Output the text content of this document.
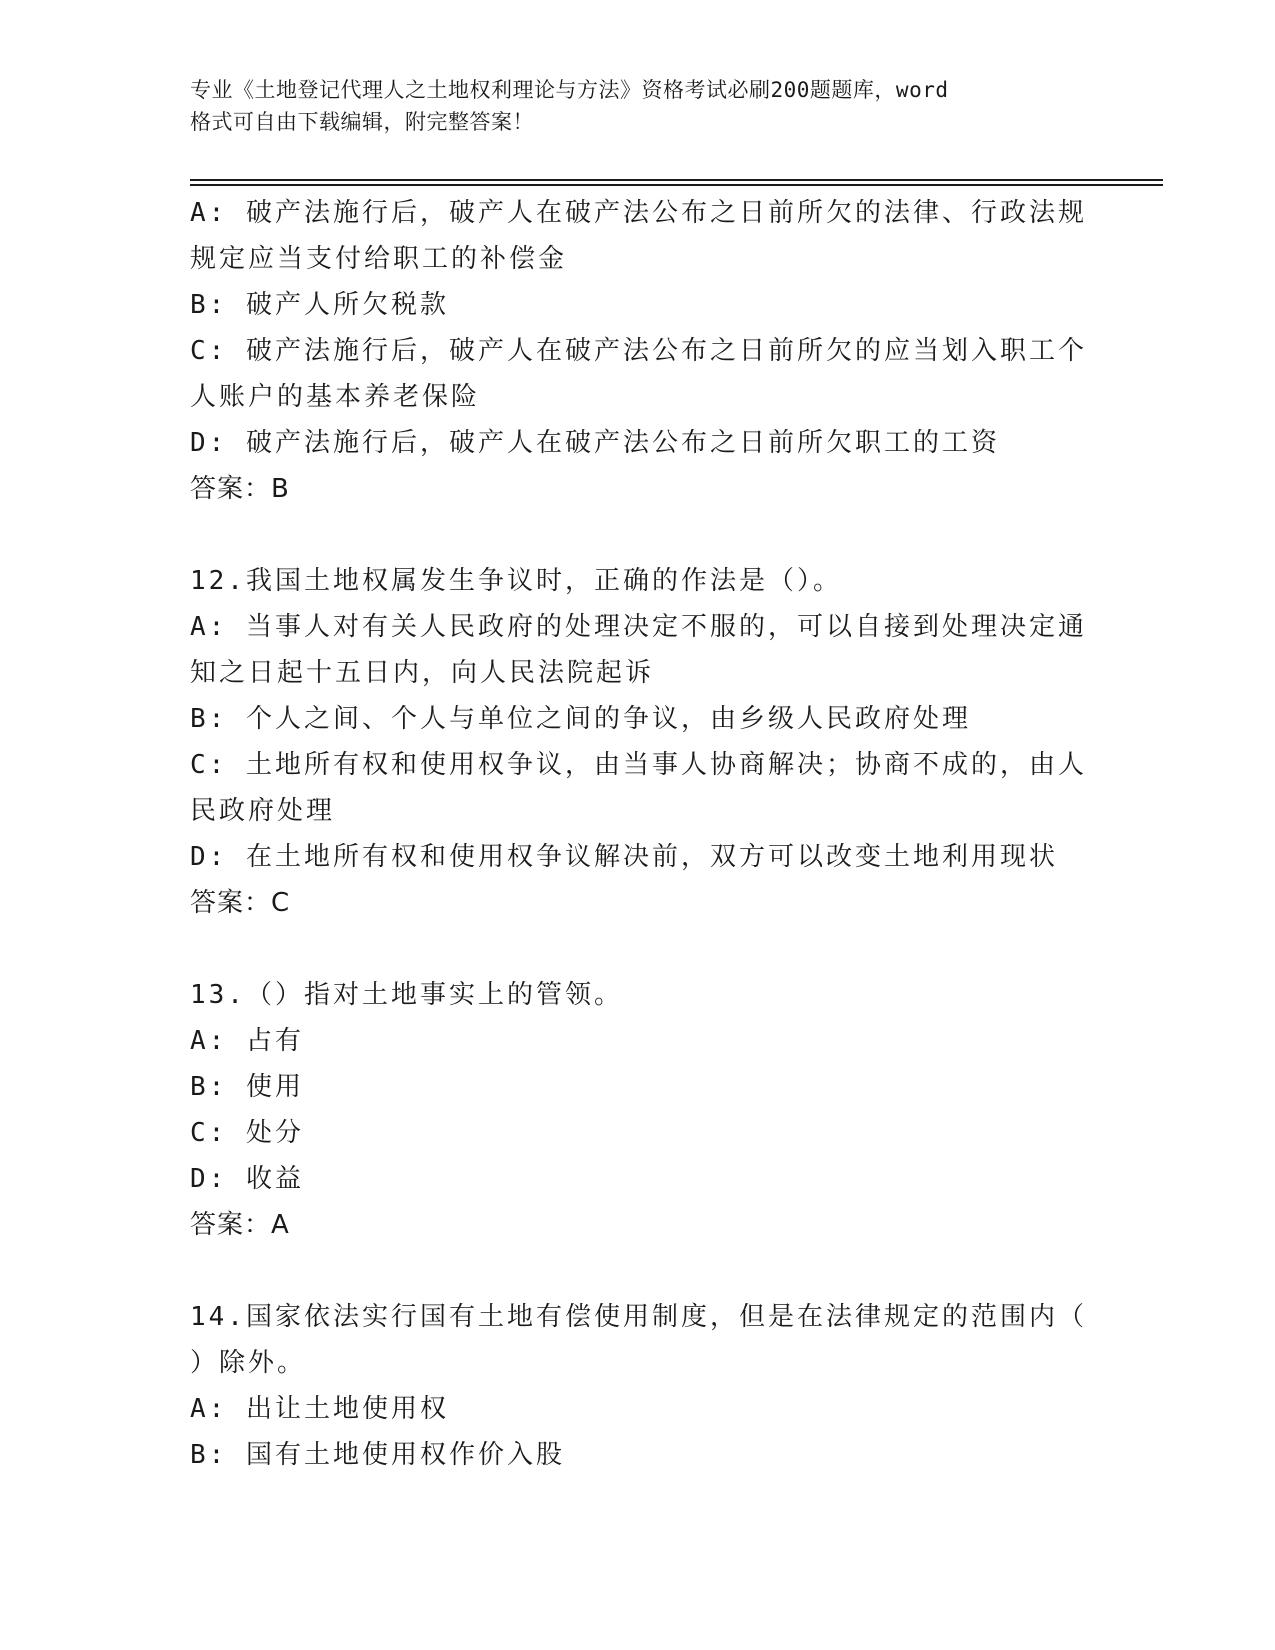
专业《土地登记代理人之土地权利理论与方法》资格考试必刷200题题库，word
格式可自由下载编辑，附完整答案！
A: 破产法施行后，破产人在破产法公布之日前所欠的法律、行政法规
规定应当支付给职工的补偿金
B: 破产人所欠税款
C: 破产法施行后，破产人在破产法公布之日前所欠的应当划入职工个
人账户的基本养老保险
D: 破产法施行后，破产人在破产法公布之日前所欠职工的工资
答案：B
12.我国土地权属发生争议时，正确的作法是（）。
A: 当事人对有关人民政府的处理决定不服的，可以自接到处理决定通
知之日起十五日内，向人民法院起诉
B: 个人之间、个人与单位之间的争议，由乡级人民政府处理
C: 土地所有权和使用权争议，由当事人协商解决；协商不成的，由人
民政府处理
D: 在土地所有权和使用权争议解决前，双方可以改变土地利用现状
答案：C
13.（）指对土地事实上的管领。
A: 占有
B: 使用
C: 处分
D: 收益
答案：A
14.国家依法实行国有土地有偿使用制度，但是在法律规定的范围内（
）除外。
A: 出让土地使用权
B: 国有土地使用权作价入股
